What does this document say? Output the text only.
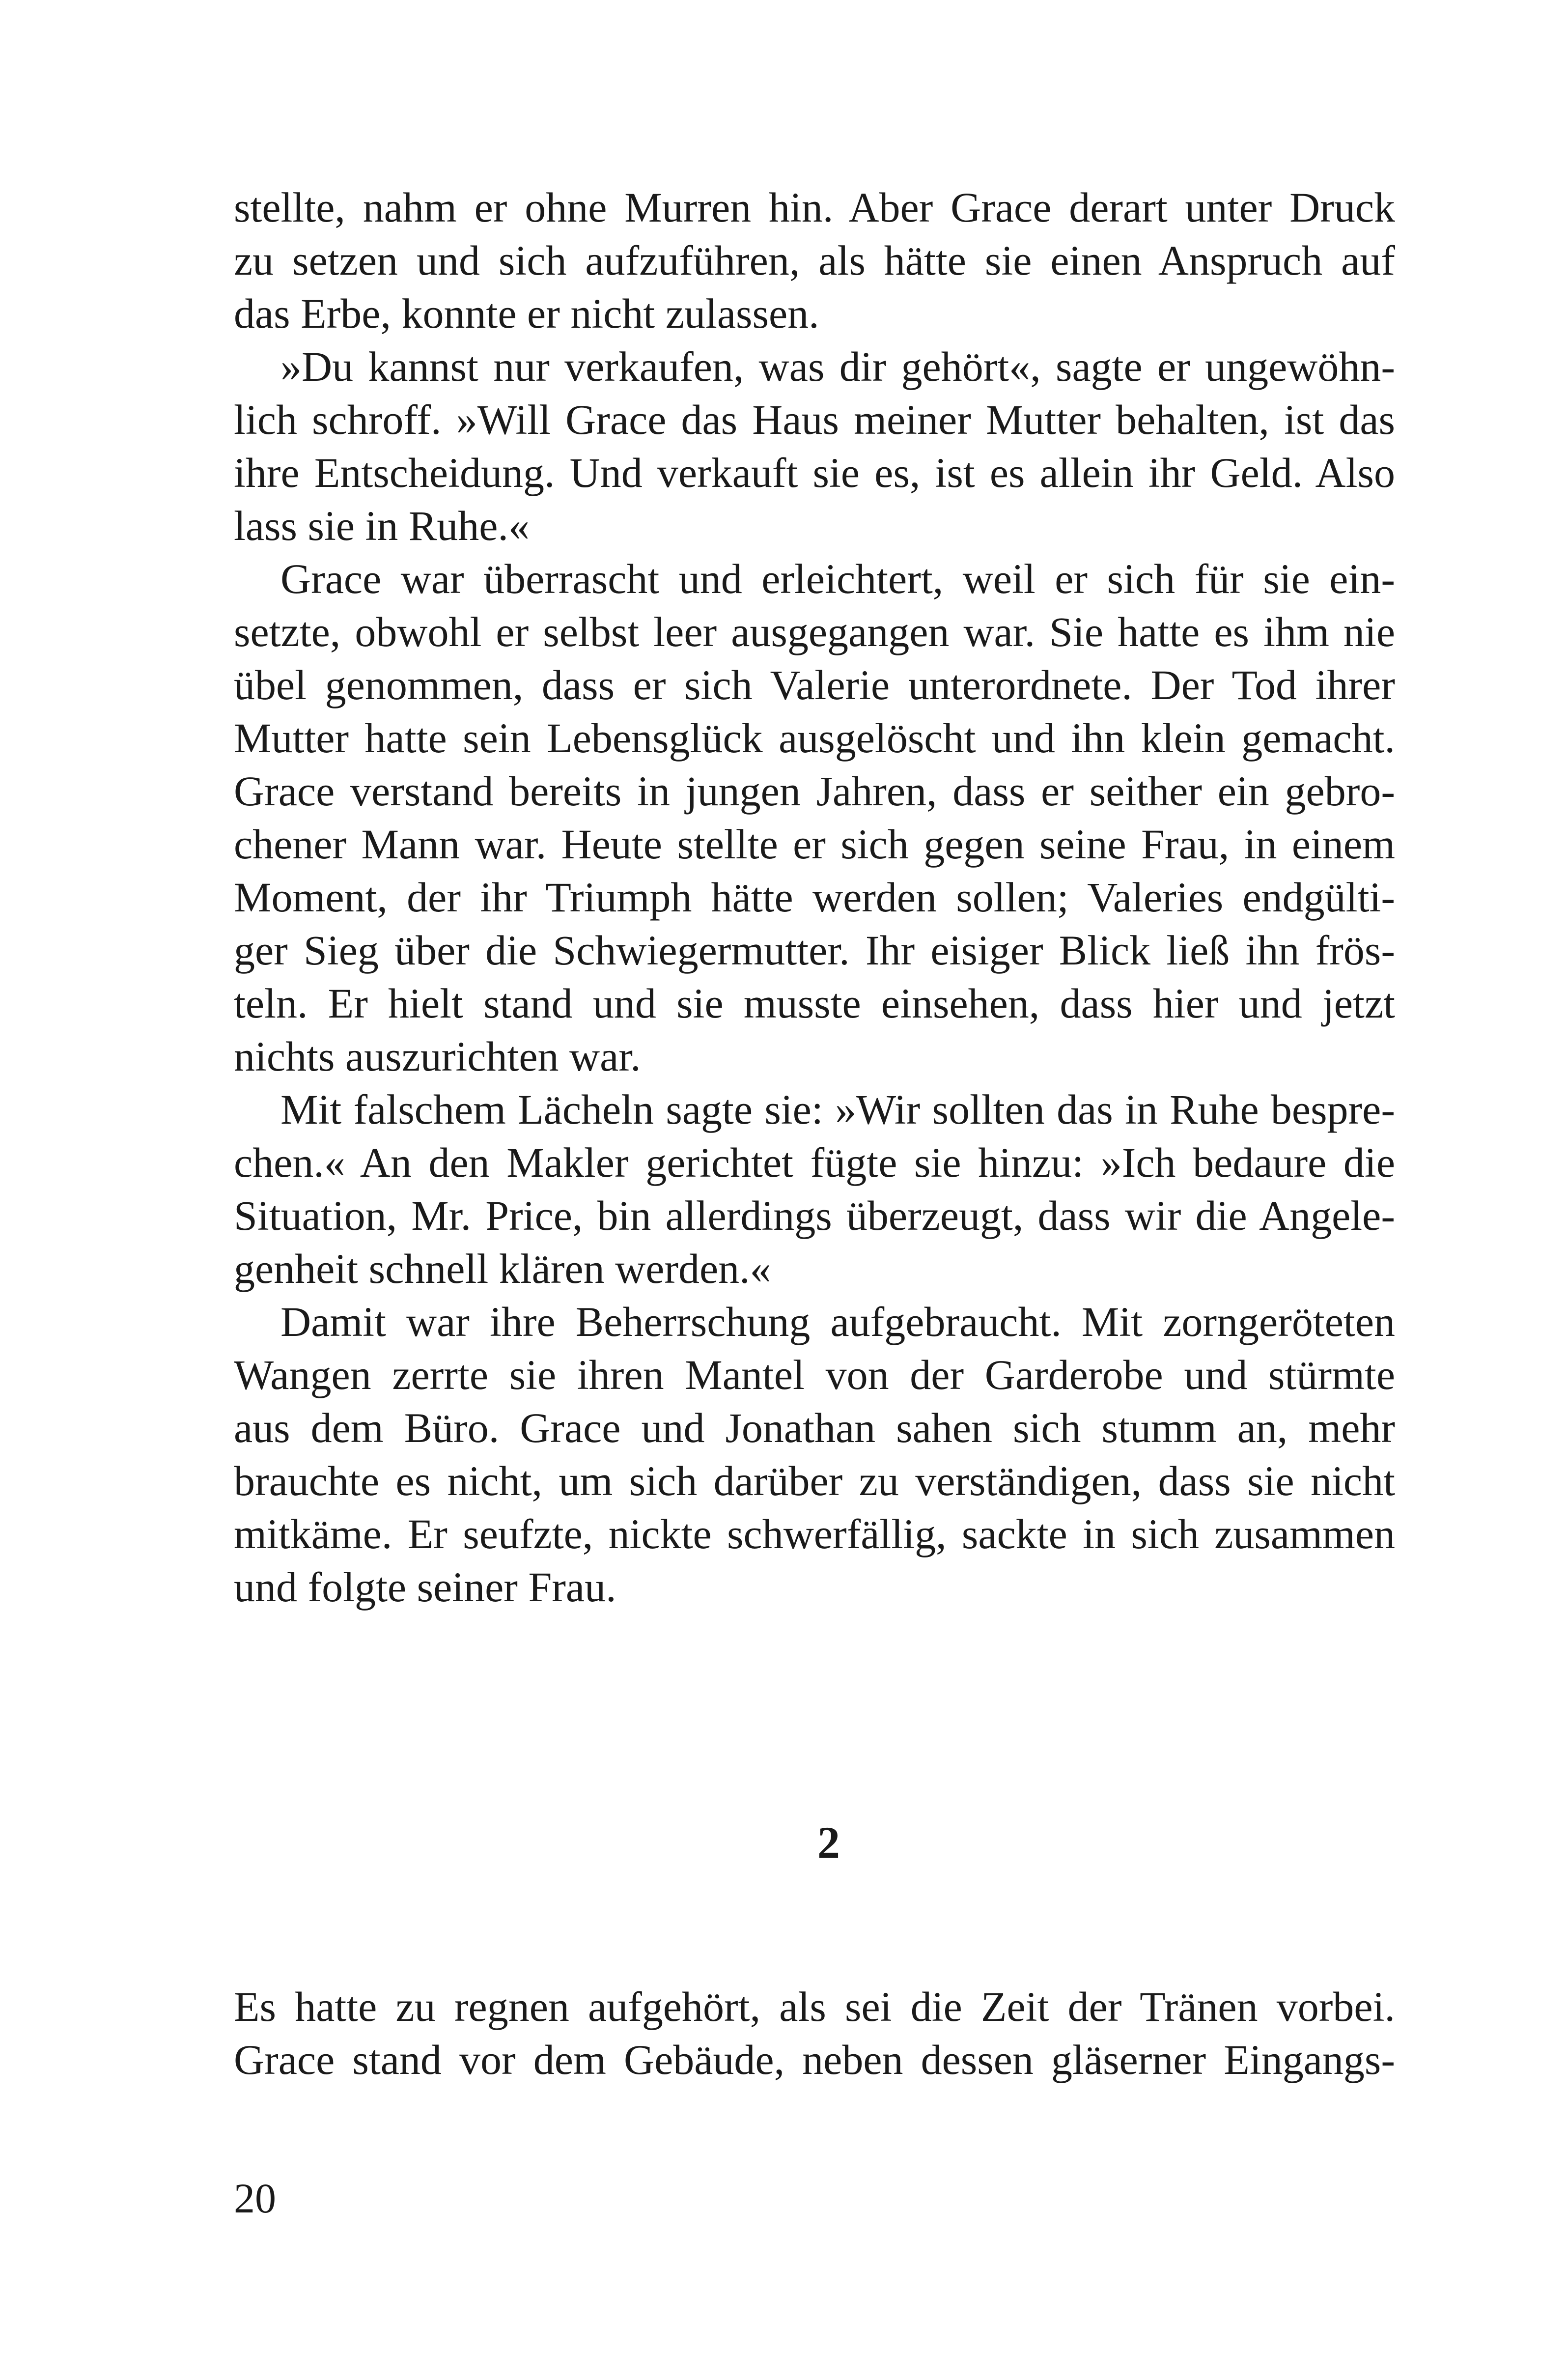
stellte, nahm er ohne Murren hin. Aber Grace derart unter Druck
zu setzen und sich aufzuführen, als hätte sie einen Anspruch auf
das Erbe, konnte er nicht zulassen.
»Du kannst nur verkaufen, was dir gehört«, sagte er ungewöhn-
lich schroff. »Will Grace das Haus meiner Mutter behalten, ist das
ihre Entscheidung. Und verkauft sie es, ist es allein ihr Geld. Also
lass sie in Ruhe.«
Grace war überrascht und erleichtert, weil er sich für sie ein-
setzte, obwohl er selbst leer ausgegangen war. Sie hatte es ihm nie
übel genommen, dass er sich Valerie unterordnete. Der Tod ihrer
Mutter hatte sein Lebensglück ausgelöscht und ihn klein gemacht.
Grace verstand bereits in jungen Jahren, dass er seither ein gebro-
chener Mann war. Heute stellte er sich gegen seine Frau, in einem
Moment, der ihr Triumph hätte werden sollen; Valeries endgülti-
ger Sieg über die Schwiegermutter. Ihr eisiger Blick ließ ihn frös-
teln. Er hielt stand und sie musste einsehen, dass hier und jetzt
nichts auszurichten war.
Mit falschem Lächeln sagte sie: »Wir sollten das in Ruhe bespre-
chen.« An den Makler gerichtet fügte sie hinzu: »Ich bedaure die
Situation, Mr. Price, bin allerdings überzeugt, dass wir die Angele-
genheit schnell klären werden.«
Damit war ihre Beherrschung aufgebraucht. Mit zorngeröteten
Wangen zerrte sie ihren Mantel von der Garderobe und stürmte
aus dem Büro. Grace und Jonathan sahen sich stumm an, mehr
brauchte es nicht, um sich darüber zu verständigen, dass sie nicht
mitkäme. Er seufzte, nickte schwerfällig, sackte in sich zusammen
und folgte seiner Frau.
2
Es hatte zu regnen aufgehört, als sei die Zeit der Tränen vorbei.
Grace stand vor dem Gebäude, neben dessen gläserner Eingangs-
20
